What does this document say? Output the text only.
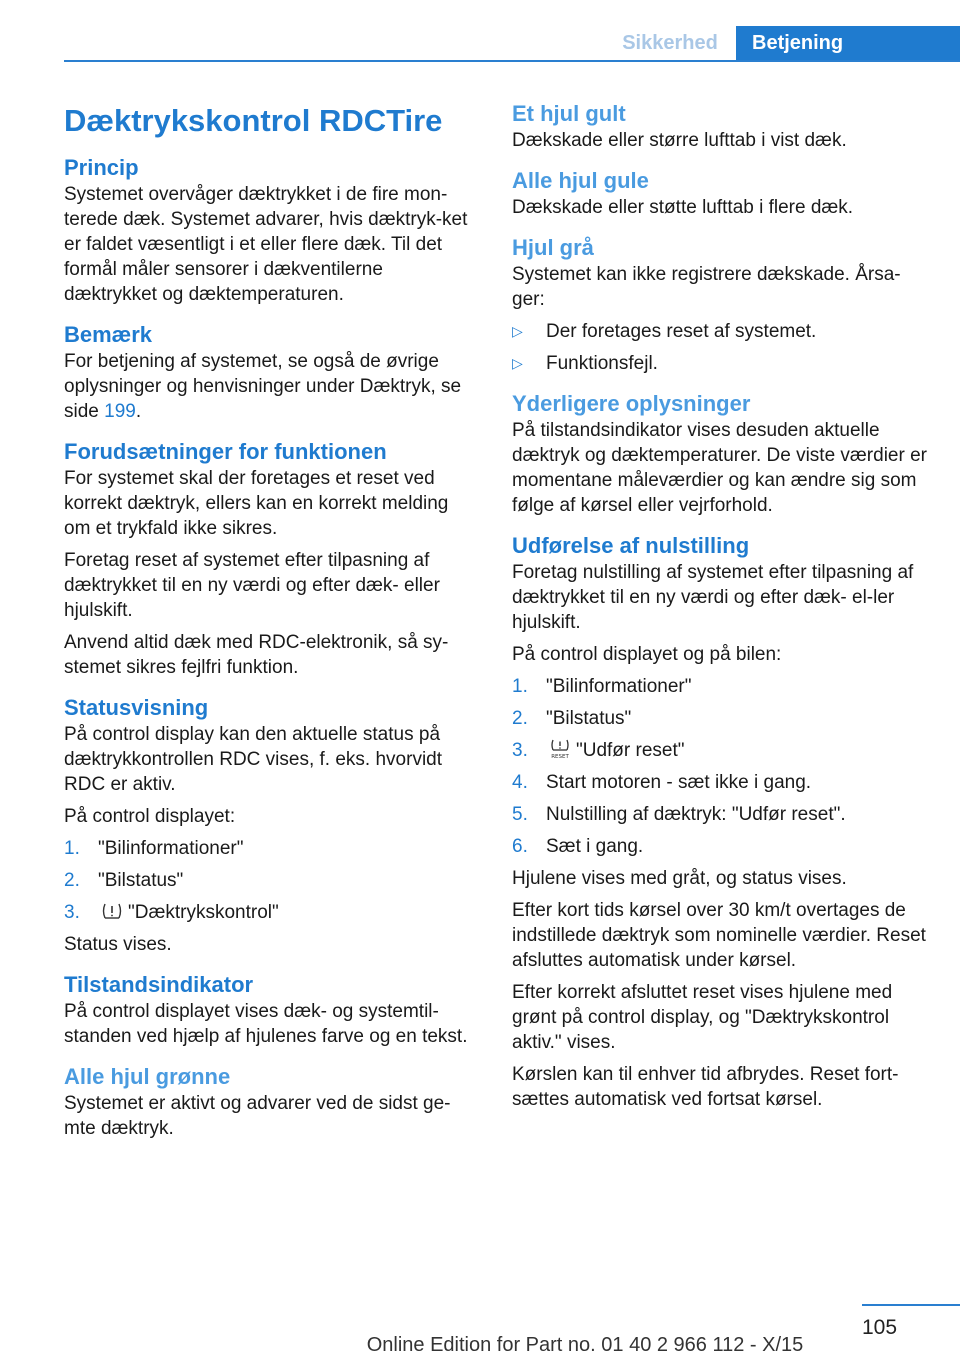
Sikkerhed	Betjening
Dæktrykskontrol RDCTire
Princip

Systemet overvåger dæktrykket i de fire mon‐terede dæk. Systemet advarer, hvis dæktryk‐ket er faldet væsentligt i et eller flere dæk. Til det formål måler sensorer i dækventilerne dæktrykket og dæktemperaturen.

Bemærk

For betjening af systemet, se også de øvrige oplysninger og henvisninger under Dæktryk, se side 199.

Forudsætninger for funktionen

For systemet skal der foretages et reset ved korrekt dæktryk, ellers kan en korrekt melding om et trykfald ikke sikres.

Foretag reset af systemet efter tilpasning af dæktrykket til en ny værdi og efter dæk- eller hjulskift.

Anvend altid dæk med RDC-elektronik, så sy‐stemet sikres fejlfri funktion.

Statusvisning

På control display kan den aktuelle status på dæktrykkontrollen RDC vises, f. eks. hvorvidt RDC er aktiv.

På control displayet:

1. "Bilinformationer"
2. "Bilstatus"
3.	"Dæktrykskontrol"

Status vises.

Tilstandsindikator

På control displayet vises dæk- og systemtil‐standen ved hjælp af hjulenes farve og en tekst.

Alle hjul grønne

Systemet er aktivt og advarer ved de sidst ge‐mte dæktryk.

Et hjul gult

Dækskade eller større lufttab i vist dæk.

Alle hjul gule

Dækskade eller støtte lufttab i flere dæk.

Hjul grå

Systemet kan ikke registrere dækskade. Årsa‐ger:

▷ Der foretages reset af systemet.
▷ Funktionsfejl.
Yderligere oplysninger

På tilstandsindikator vises desuden aktuelle dæktryk og dæktemperaturer. De viste værdier er momentane måleværdier og kan ændre sig som følge af kørsel eller vejrforhold.

Udførelse af nulstilling

Foretag nulstilling af systemet efter tilpasning af dæktrykket til en ny værdi og efter dæk- el‐ler hjulskift.

På control displayet og på bilen:

1. "Bilinformationer"
2. "Bilstatus"
3.	RESET "Udfør reset"
4. Start motoren - sæt ikke i gang.
5. Nulstilling af dæktryk: "Udfør reset".
6. Sæt i gang.

Hjulene vises med gråt, og status vises.

Efter kort tids kørsel over 30 km/t overtages de indstillede dæktryk som nominelle værdier. Reset afsluttes automatisk under kørsel.

Efter korrekt afsluttet reset vises hjulene med grønt på control display, og "Dæktrykskontrol aktiv." vises.

Kørslen kan til enhver tid afbrydes. Reset fort‐sættes automatisk ved fortsat kørsel.

105
Online Edition for Part no. 01 40 2 966 112 - X/15
